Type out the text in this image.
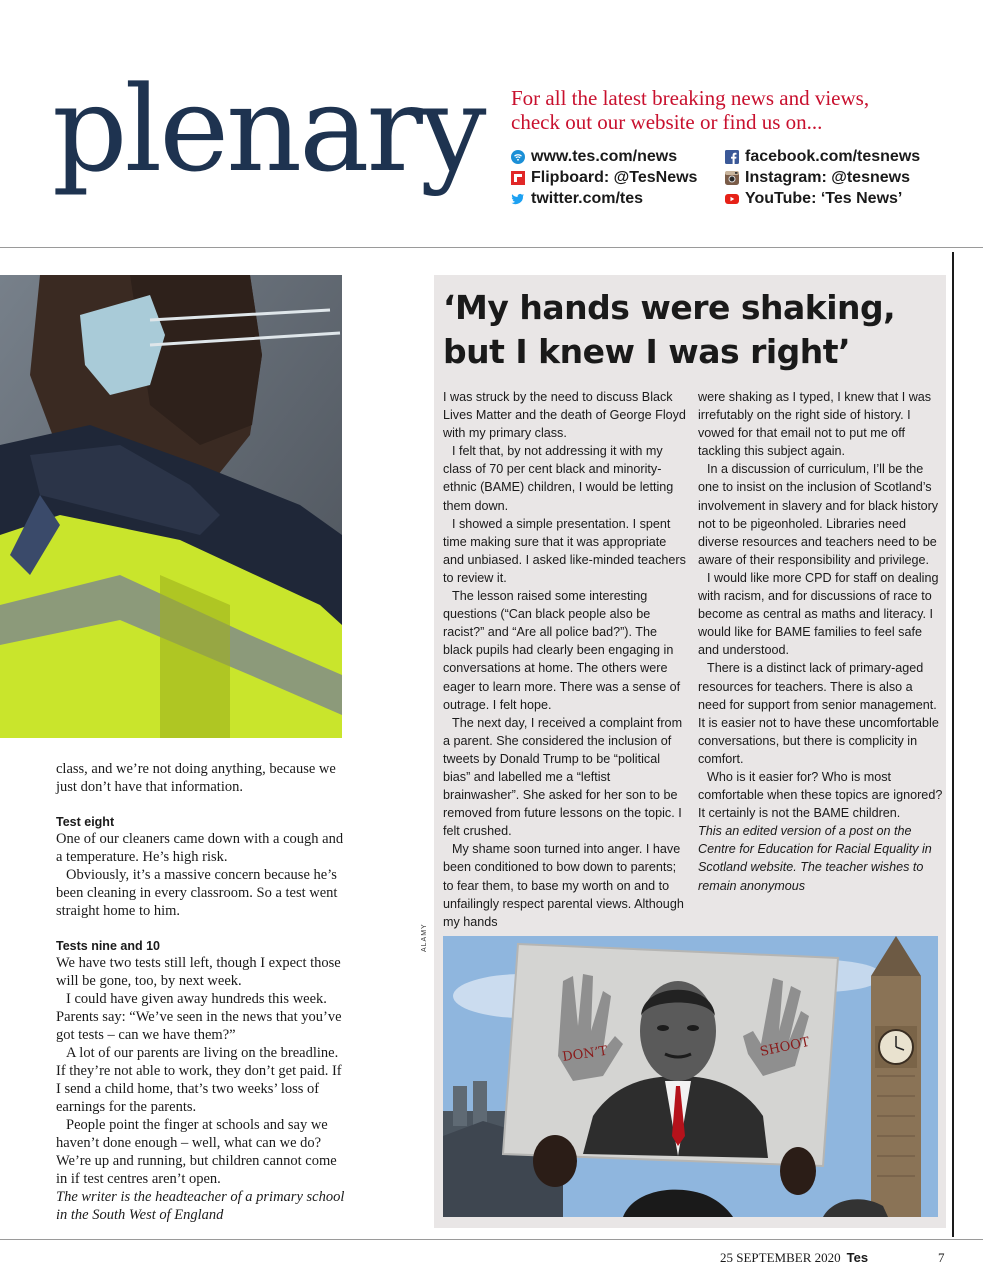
plenary For all the latest breaking news and views,
check out our website or find us on...
www.tes.com/news
Flipboard: @TesNews
twitter.com/tes
facebook.com/tesnews
Instagram: @tesnews
YouTube: ‘Tes News’

class, and we’re not doing anything, because we just don’t have that information.

Test eight

One of our cleaners came down with a cough and a temperature. He’s high risk.

Obviously, it’s a massive concern because he’s been cleaning in every classroom. So a test went straight home to him.

Tests nine and 10

We have two tests still left, though I expect those will be gone, too, by next week.

I could have given away hundreds this week. Parents say: “We’ve seen in the news that you’ve got tests – can we have them?”

A lot of our parents are living on the breadline. If they’re not able to work, they don’t get paid. If I send a child home, that’s two weeks’ loss of earnings for the parents.

People point the finger at schools and say we haven’t done enough – well, what can we do? We’re up and running, but children cannot come in if test centres aren’t open.

The writer is the headteacher of a primary school in the South West of England

ALAMY
‘My hands were shaking, but I knew I was right’

I was struck by the need to discuss Black Lives Matter and the death of George Floyd with my primary class.

I felt that, by not addressing it with my class of 70 per cent black and minority-ethnic (BAME) children, I would be letting them down.

I showed a simple presentation. I spent time making sure that it was appropriate and unbiased. I asked like-minded teachers to review it.

The lesson raised some interesting questions (“Can black people also be racist?” and “Are all police bad?”). The black pupils had clearly been engaging in conversations at home. The others were eager to learn more. There was a sense of outrage. I felt hope.

The next day, I received a complaint from a parent. She considered the inclusion of tweets by Donald Trump to be “political bias” and labelled me a “leftist brainwasher”. She asked for her son to be removed from future lessons on the topic. I felt crushed.

My shame soon turned into anger. I have been conditioned to bow down to parents; to fear them, to base my worth on and to unfailingly respect parental views. Although my hands

were shaking as I typed, I knew that I was irrefutably on the right side of history. I vowed for that email not to put me off tackling this subject again.

In a discussion of curriculum, I’ll be the one to insist on the inclusion of Scotland’s involvement in slavery and for black history not to be pigeonholed. Libraries need diverse resources and teachers need to be aware of their responsibility and privilege.

I would like more CPD for staff on dealing with racism, and for discussions of race to become as central as maths and literacy. I would like for BAME families to feel safe and understood.

There is a distinct lack of primary-aged resources for teachers. There is also a need for support from senior management. It is easier not to have these uncomfortable conversations, but there is complicity in comfort.

Who is it easier for? Who is most comfortable when these topics are ignored? It certainly is not the BAME children.

This an edited version of a post on the Centre for Education for Racial Equality in Scotland website. The teacher wishes to remain anonymous

DON’T	SHOOT
25 SEPTEMBER 2020 Tes	7
